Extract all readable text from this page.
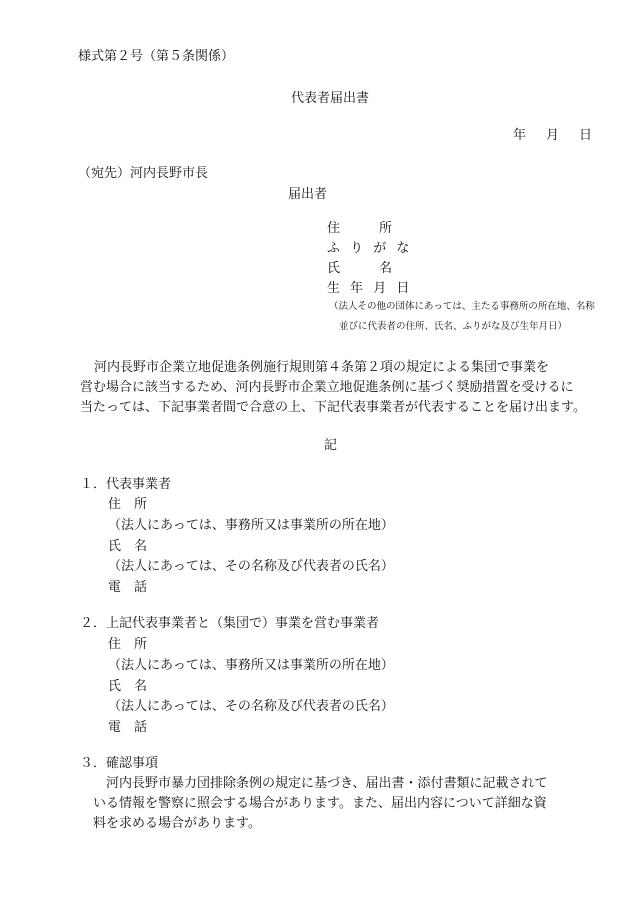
様式第２号（第５条関係）
代表者届出書
年 月 日
（宛先）河内長野市長
届出者
住　　　所
ふ り が な
氏　　　名
生 年 月 日
（法人その他の団体にあっては、主たる事務所の所在地、名称
並びに代表者の住所、氏名、ふりがな及び生年月日）
河内長野市企業立地促進条例施行規則第４条第２項の規定による集団で事業を
営む場合に該当するため、河内長野市企業立地促進条例に基づく奨励措置を受けるに
当たっては、下記事業者間で合意の上、下記代表事業者が代表することを届け出ます。
記
１．代表事業者
住　所
（法人にあっては、事務所又は事業所の所在地）
氏　名
（法人にあっては、その名称及び代表者の氏名）
電　話
２．上記代表事業者と（集団で）事業を営む事業者
住　所
（法人にあっては、事務所又は事業所の所在地）
氏　名
（法人にあっては、その名称及び代表者の氏名）
電　話
３．確認事項
河内長野市暴力団排除条例の規定に基づき、届出書・添付書類に記載されて
いる情報を警察に照会する場合があります。また、届出内容について詳細な資
料を求める場合があります。
